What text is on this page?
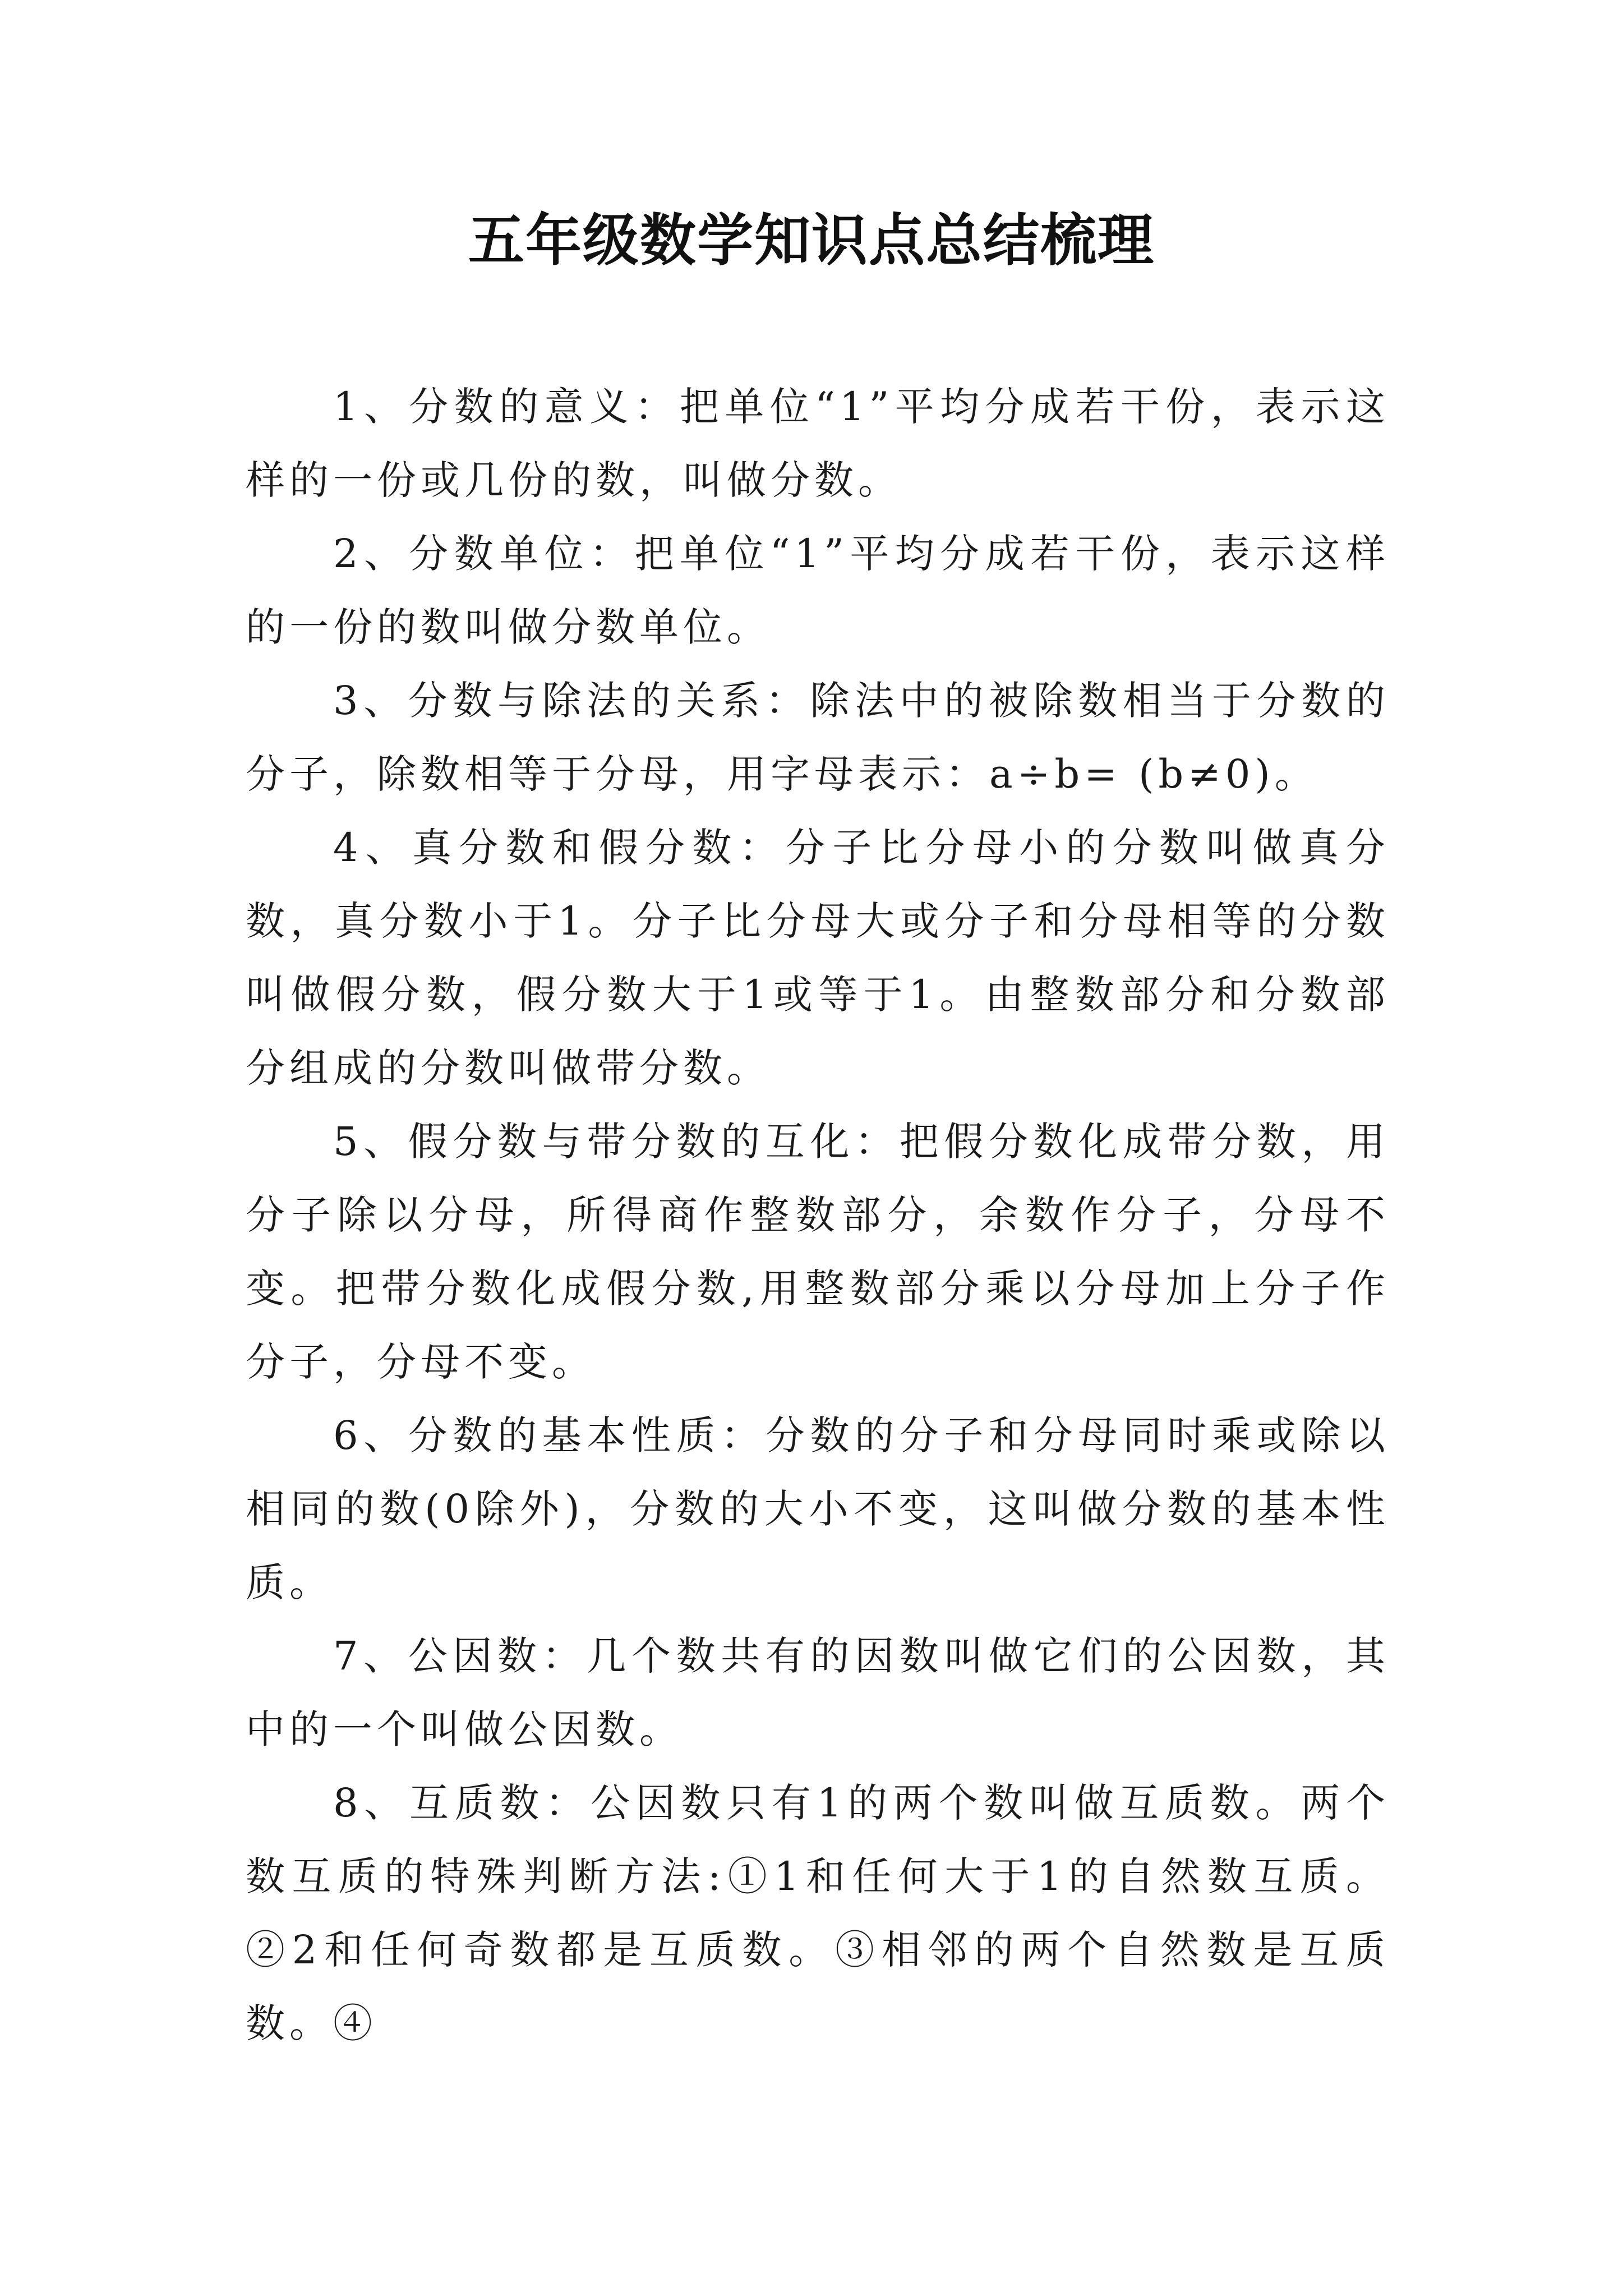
五年级数学知识点总结梳理

1、分数的意义：把单位“1”平均分成若干份，表示这样的一份或几份的数，叫做分数。

2、分数单位：把单位“1”平均分成若干份，表示这样的一份的数叫做分数单位。

3、分数与除法的关系：除法中的被除数相当于分数的分子，除数相等于分母，用字母表示：a÷b= (b≠0)。

4、真分数和假分数：分子比分母小的分数叫做真分数，真分数小于1。分子比分母大或分子和分母相等的分数叫做假分数，假分数大于1或等于1。由整数部分和分数部分组成的分数叫做带分数。

5、假分数与带分数的互化：把假分数化成带分数，用分子除以分母，所得商作整数部分，余数作分子，分母不变。把带分数化成假分数,用整数部分乘以分母加上分子作分子，分母不变。

6、分数的基本性质：分数的分子和分母同时乘或除以相同的数(0除外)，分数的大小不变，这叫做分数的基本性质。

7、公因数：几个数共有的因数叫做它们的公因数，其中的一个叫做公因数。

8、互质数：公因数只有1的两个数叫做互质数。两个数互质的特殊判断方法:①1和任何大于1的自然数互质。②2和任何奇数都是互质数。③相邻的两个自然数是互质数。④
